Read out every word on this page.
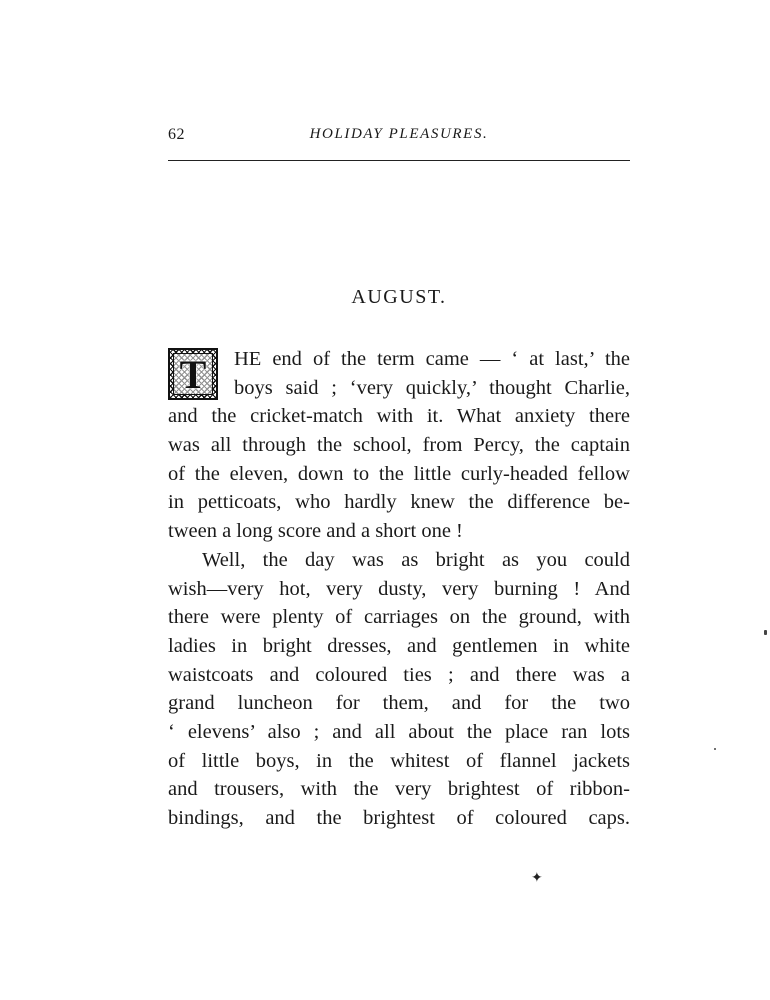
62	HOLIDAY PLEASURES.
AUGUST.
T	HE end of the term came — ‘ at last,’ the
boys said ; ‘very quickly,’ thought Charlie,
and the cricket-match with it. What anxiety there
was all through the school, from Percy, the captain
of the eleven, down to the little curly-headed fellow
in petticoats, who hardly knew the difference be-
tween a long score and a short one !
Well, the day was as bright as you could
wish—very hot, very dusty, very burning ! And
there were plenty of carriages on the ground, with
ladies in bright dresses, and gentlemen in white
waistcoats and coloured ties ; and there was a
grand luncheon for them, and for the two
‘ elevens’ also ; and all about the place ran lots
of little boys, in the whitest of flannel jackets
and trousers, with the very brightest of ribbon-
bindings, and the brightest of coloured caps.
✦
